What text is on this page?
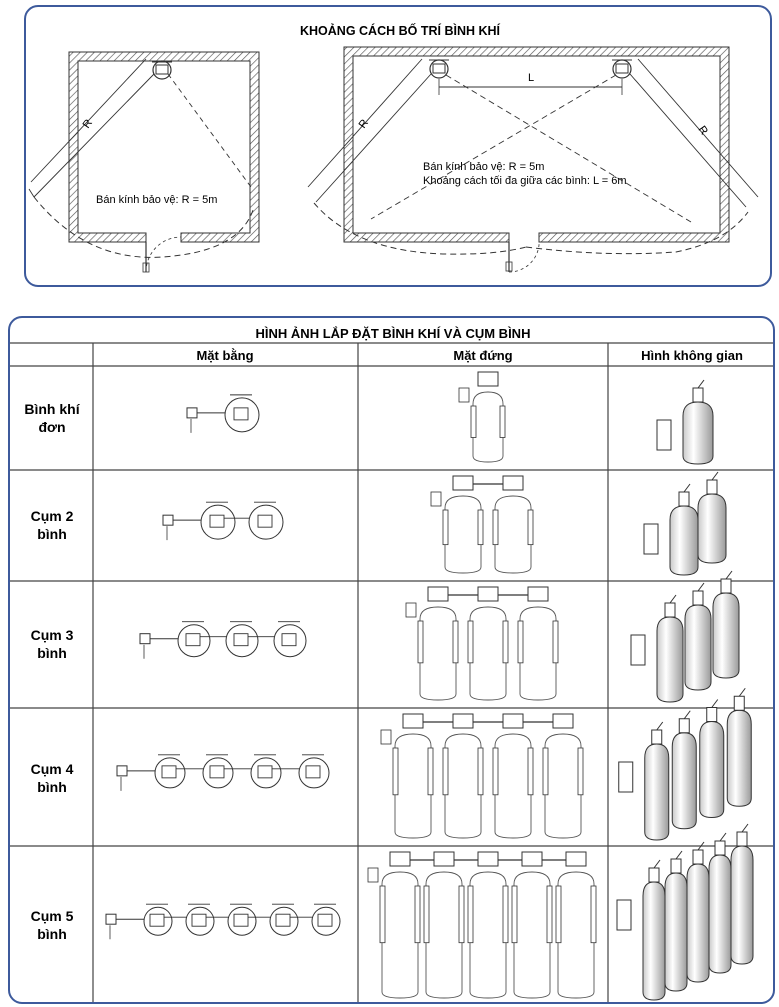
KHOẢNG CÁCH BỐ TRÍ BÌNH KHÍ
R
Bán kính bảo vệ: R = 5m
L
R	R
Bán kính bảo vệ: R = 5m
Khoảng cách tối đa giữa các bình: L = 6m
HÌNH ẢNH LẮP ĐẶT BÌNH KHÍ VÀ CỤM BÌNH
Mặt bằng	Mặt đứng	Hình không gian
Bình khí
đơn
Cụm 2
bình
Cụm 3
bình
Cụm 4
bình
Cụm 5
bình
